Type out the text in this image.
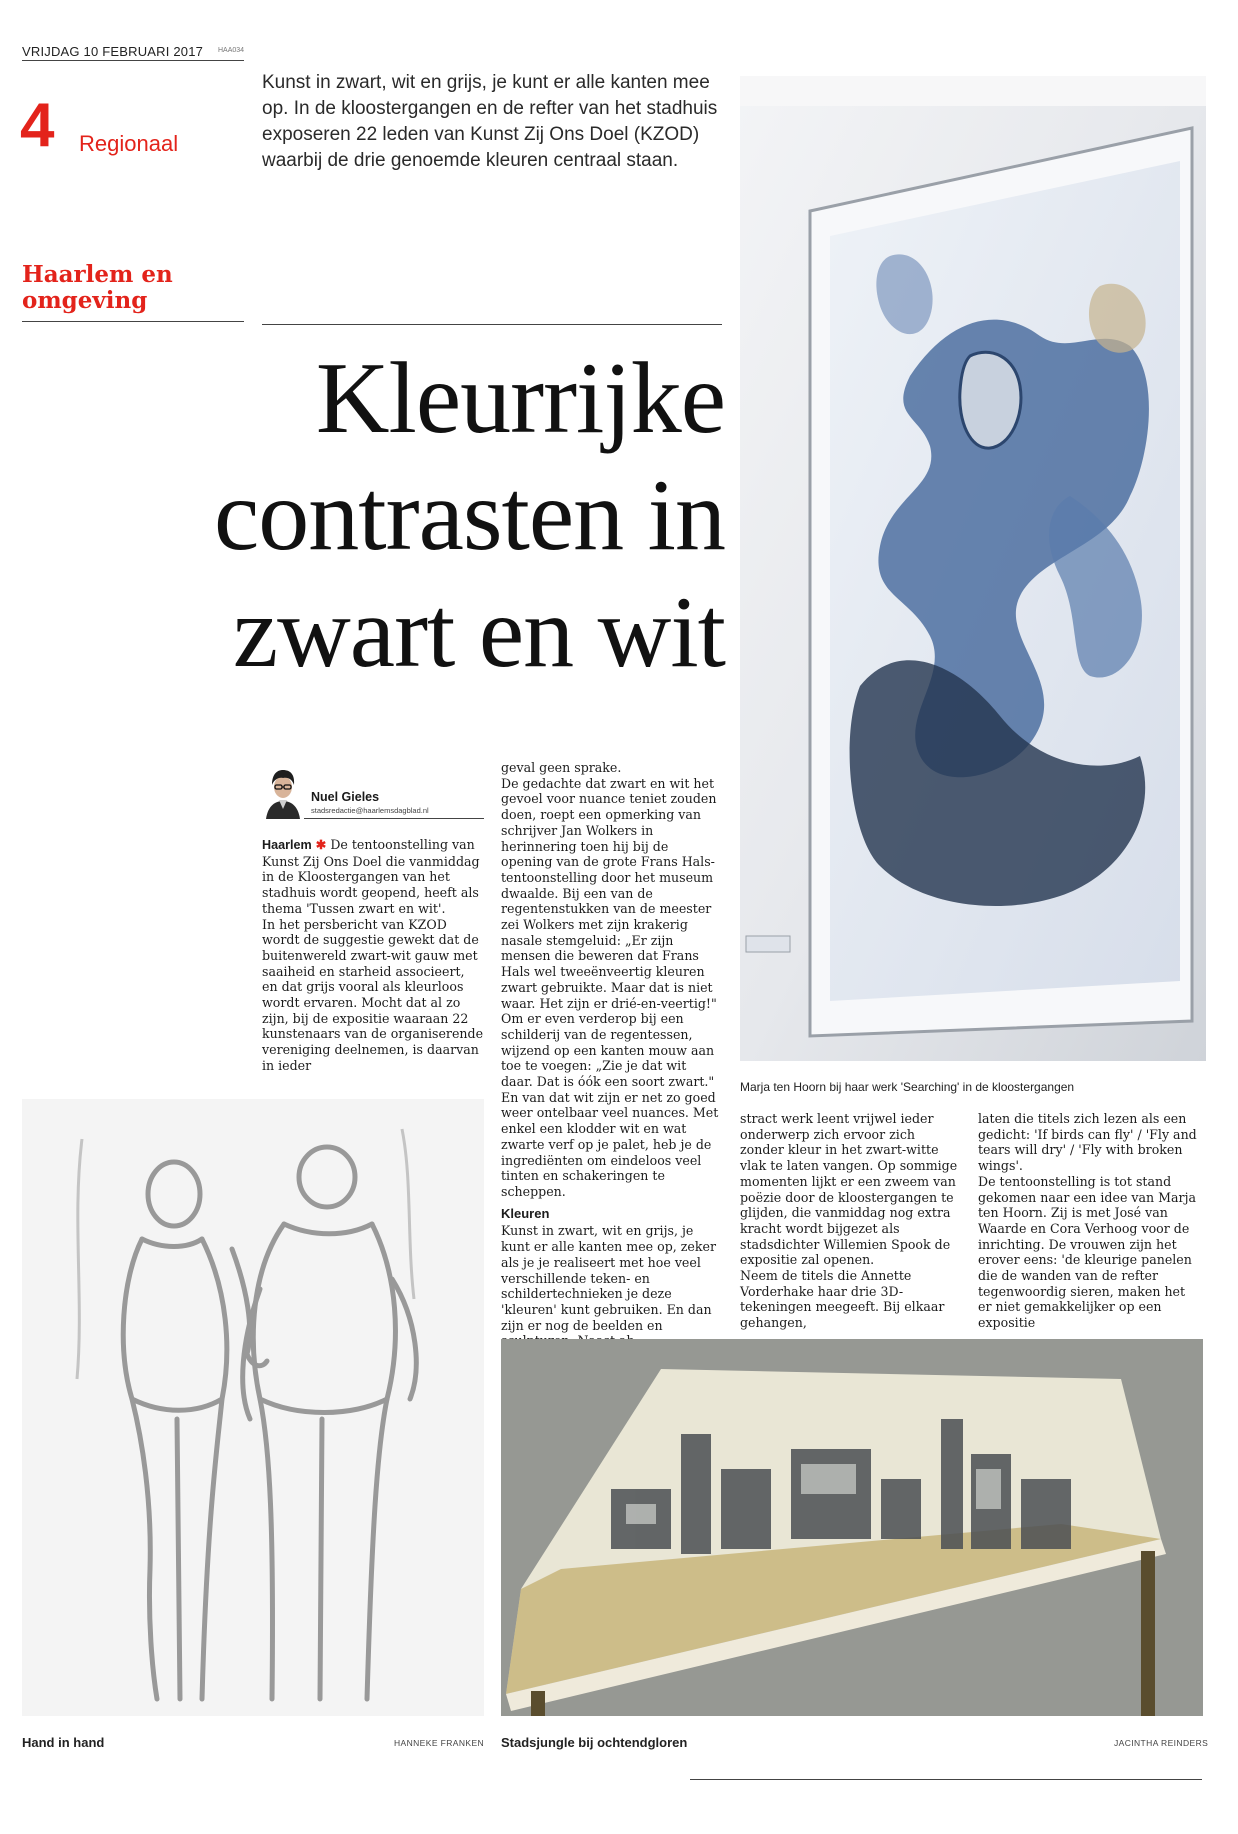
VRIJDAG 10 FEBRUARI 2017 HAA034
4 Regionaal
Kunst in zwart, wit en grijs, je kunt er alle kanten mee op. In de kloostergangen en de refter van het stadhuis exposeren 22 leden van Kunst Zij Ons Doel (KZOD) waarbij de drie genoemde kleuren centraal staan.
Haarlem en
omgeving
Kleurrijke
contrasten in
zwart en wit
Nuel Gieles
stadsredactie@haarlemsdagblad.nl

Haarlem ✱ De tentoonstelling van Kunst Zij Ons Doel die vanmiddag in de Kloostergangen van het stadhuis wordt geopend, heeft als thema 'Tussen zwart en wit'.

In het persbericht van KZOD wordt de suggestie gewekt dat de buitenwereld zwart-wit gauw met saaiheid en starheid associeert, en dat grijs vooral als kleurloos wordt ervaren. Mocht dat al zo zijn, bij de expositie waaraan 22 kunstenaars van de organiserende vereniging deelnemen, is daarvan in ieder

geval geen sprake.

De gedachte dat zwart en wit het gevoel voor nuance teniet zouden doen, roept een opmerking van schrijver Jan Wolkers in herinnering toen hij bij de opening van de grote Frans Hals-tentoonstelling door het museum dwaalde. Bij een van de regentenstukken van de meester zei Wolkers met zijn krakerig nasale stemgeluid: „Er zijn mensen die beweren dat Frans Hals wel tweeënveertig kleuren zwart gebruikte. Maar dat is niet waar. Het zijn er drié-en-veertig!" Om er even verderop bij een schilderij van de regentessen, wijzend op een kanten mouw aan toe te voegen: „Zie je dat wit daar. Dat is óók een soort zwart." En van dat wit zijn er net zo goed weer ontelbaar veel nuances. Met enkel een klodder wit en wat zwarte verf op je palet, heb je de ingrediënten om eindeloos veel tinten en schakeringen te scheppen.

Kleuren

Kunst in zwart, wit en grijs, je kunt er alle kanten mee op, zeker als je je realiseert met hoe veel verschillende teken- en schildertechnieken je deze 'kleuren' kunt gebruiken. En dan zijn er nog de beelden en

stract werk leent vrijwel ieder onderwerp zich ervoor zich zonder kleur in het zwart-witte vlak te laten vangen. Op sommige momenten lijkt er een zweem van poëzie door de kloostergangen te glijden, die vanmiddag nog extra kracht wordt bijgezet als stadsdichter Willemien Spook de expositie zal openen.

Neem de titels die Annette Vorderhake haar drie 3D-tekeningen meegeeft. Bij elkaar gehangen,

laten die titels zich lezen als een gedicht: 'If birds can fly' / 'Fly and tears will dry' / 'Fly with broken wings'.

De tentoonstelling is tot stand gekomen naar een idee van Marja ten Hoorn. Zij is met José van Waarde en Cora Verhoog voor de inrichting. De vrouwen zijn het erover eens: 'de kleurige panelen die de wanden van de refter tegenwoordig sieren, maken het er niet gemakkelijker op een expositie

Marja ten Hoorn bij haar werk 'Searching' in de kloostergangen
Hand in hand	HANNEKE FRANKEN Stadsjungle bij ochtendgloren	JACINTHA REINDERS
